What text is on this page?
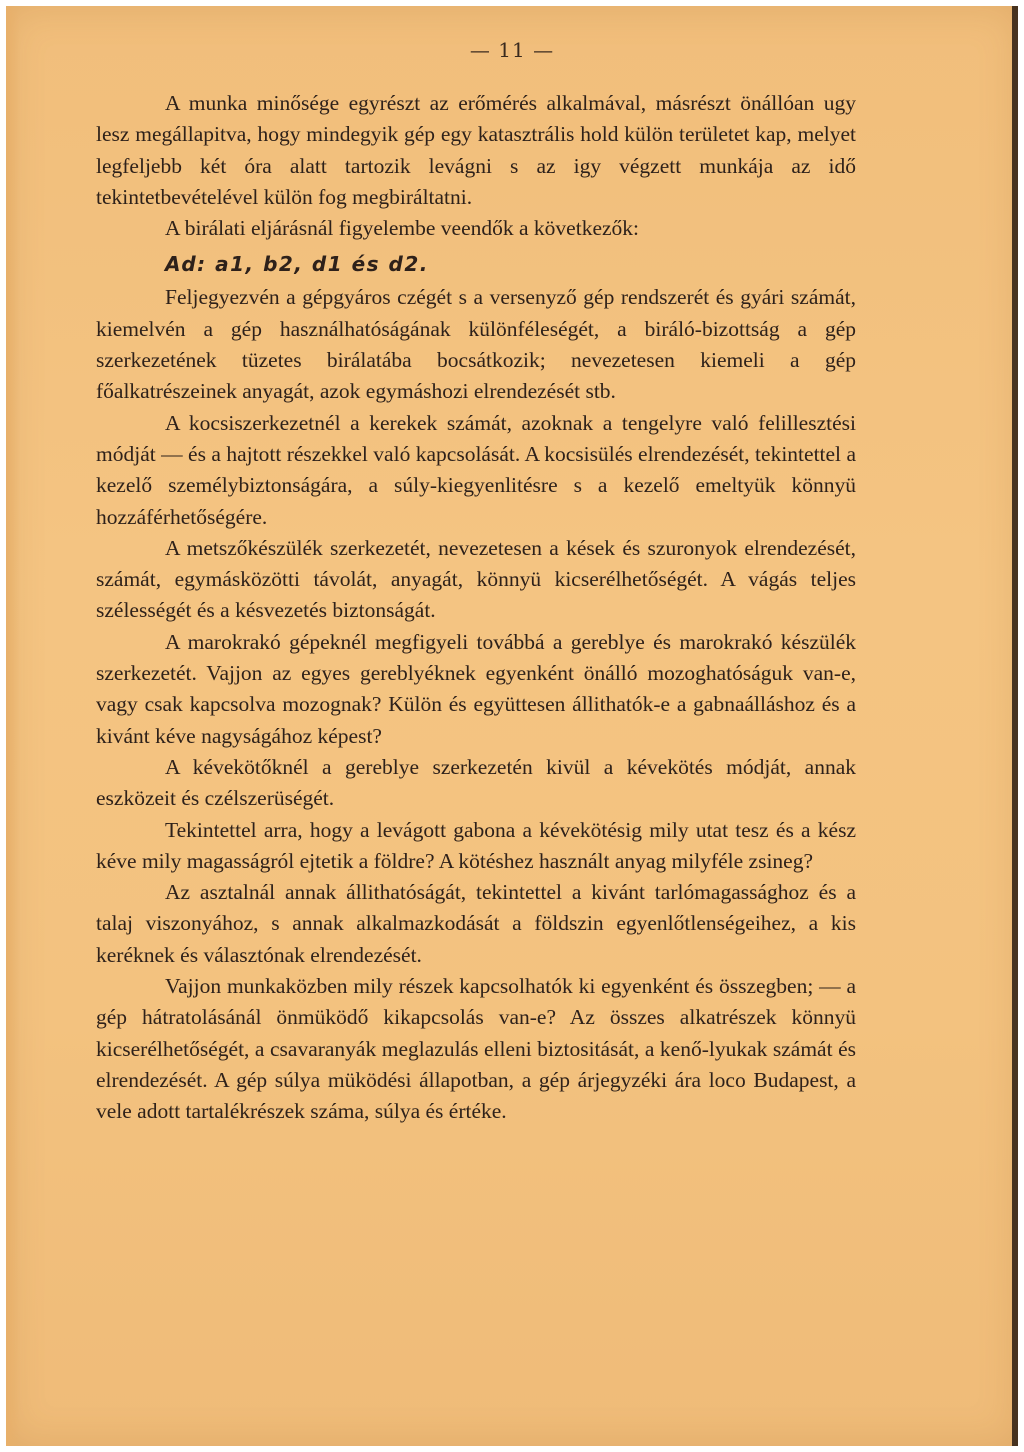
— 11 —

A munka minősége egyrészt az erőmérés alkalmával, másrészt önállóan ugy lesz megállapitva, hogy mindegyik gép egy katasztrális hold külön területet kap, melyet legfeljebb két óra alatt tartozik levágni s az igy végzett munkája az idő tekintetbevételével külön fog megbiráltatni.

A birálati eljárásnál figyelembe veendők a következők:

Ad: a1, b2, d1 és d2.

Feljegyezvén a gépgyáros czégét s a versenyző gép rendszerét és gyári számát, kiemelvén a gép használhatóságának különféleségét, a biráló-bizottság a gép szerkezetének tüzetes birálatába bocsátkozik; nevezetesen kiemeli a gép főalkatrészeinek anyagát, azok egymáshozi elrendezését stb.

A kocsiszerkezetnél a kerekek számát, azoknak a tengelyre való felillesztési módját — és a hajtott részekkel való kapcsolását. A kocsisülés elrendezését, tekintettel a kezelő személybiztonságára, a súly-kiegyenlitésre s a kezelő emeltyük könnyü hozzáférhetőségére.

A metszőkészülék szerkezetét, nevezetesen a kések és szuronyok elrendezését, számát, egymásközötti távolát, anyagát, könnyü kicserélhetőségét. A vágás teljes szélességét és a késvezetés biztonságát.

A marokrakó gépeknél megfigyeli továbbá a gereblye és marokrakó készülék szerkezetét. Vajjon az egyes gereblyéknek egyenként önálló mozoghatóságuk van-e, vagy csak kapcsolva mozognak? Külön és együttesen állithatók-e a gabnaálláshoz és a kivánt kéve nagyságához képest?

A kévekötőknél a gereblye szerkezetén kivül a kévekötés módját, annak eszközeit és czélszerüségét.

Tekintettel arra, hogy a levágott gabona a kévekötésig mily utat tesz és a kész kéve mily magasságról ejtetik a földre? A kötéshez használt anyag milyféle zsineg?

Az asztalnál annak állithatóságát, tekintettel a kivánt tarlómagassághoz és a talaj viszonyához, s annak alkalmazkodását a földszin egyenlőtlenségeihez, a kis keréknek és választónak elrendezését.

Vajjon munkaközben mily részek kapcsolhatók ki egyenként és összegben; — a gép hátratolásánál önmüködő kikapcsolás van-e? Az összes alkatrészek könnyü kicserélhetőségét, a csavaranyák meglazulás elleni biztositását, a kenő-lyukak számát és elrendezését. A gép súlya müködési állapotban, a gép árjegyzéki ára loco Budapest, a vele adott tartalékrészek száma, súlya és értéke.
